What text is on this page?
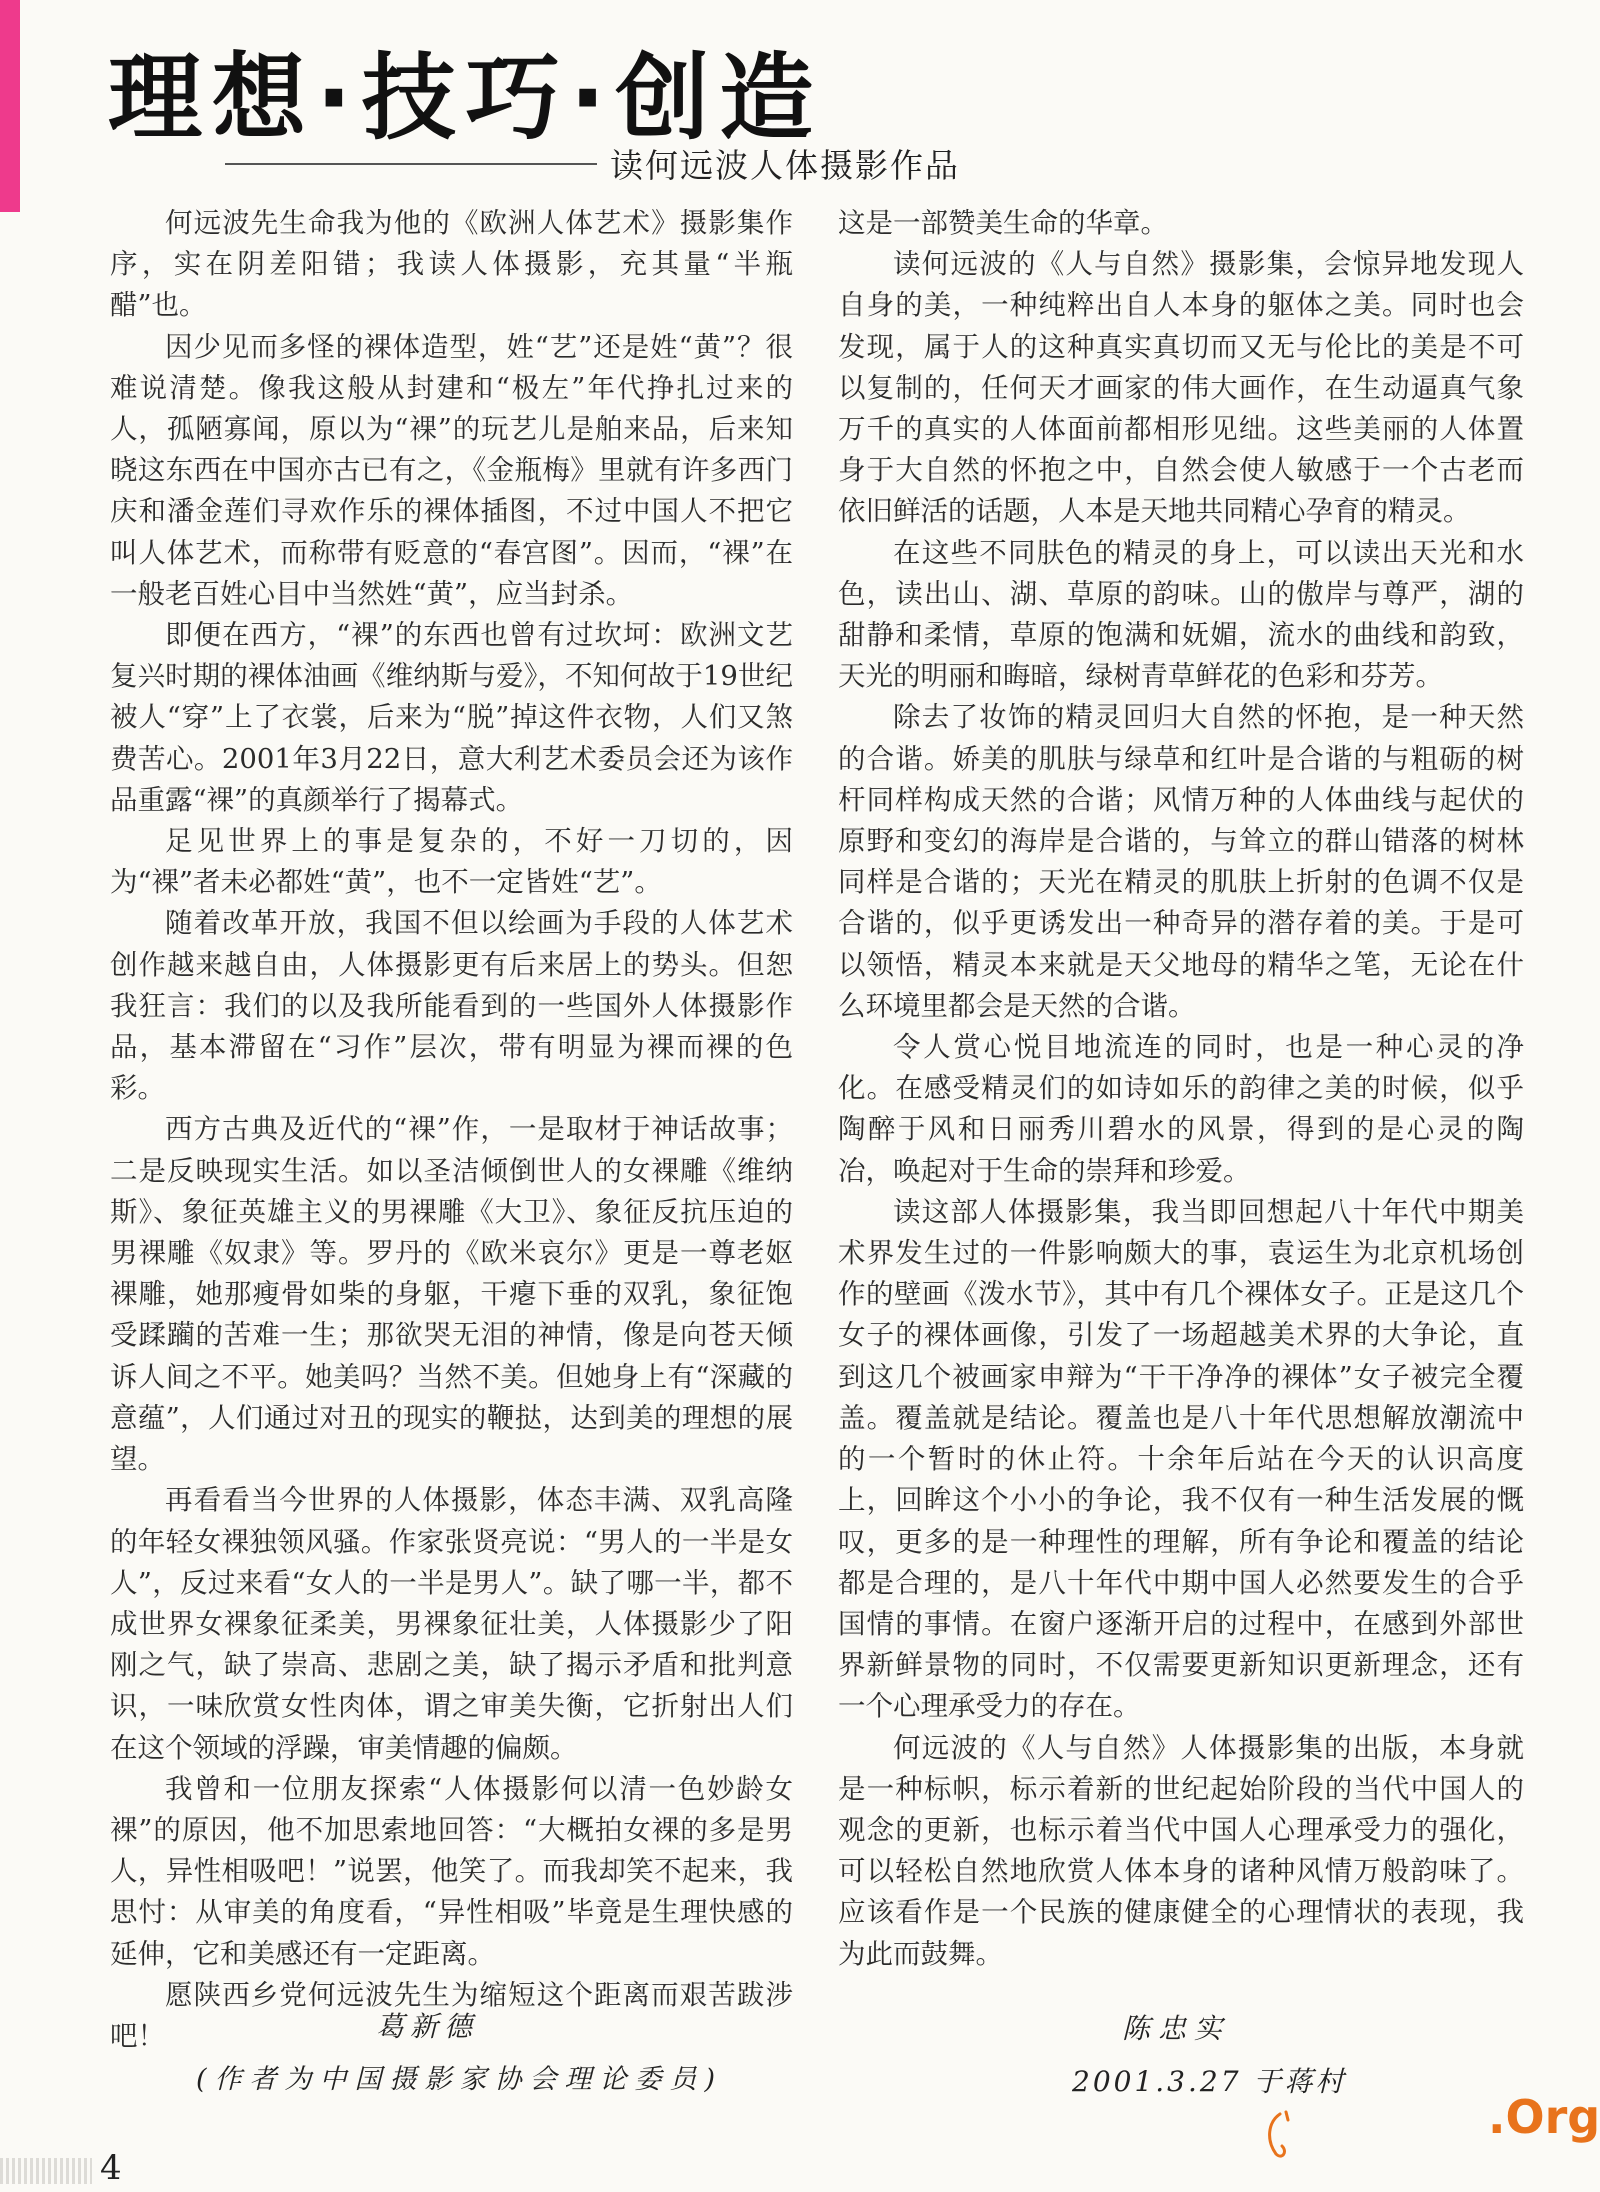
理想·技巧·创造
读何远波人体摄影作品

何远波先生命我为他的《欧洲人体艺术》摄影集作序，实在阴差阳错；我读人体摄影，充其量“半瓶醋”也。

因少见而多怪的裸体造型，姓“艺”还是姓“黄”？很难说清楚。像我这般从封建和“极左”年代挣扎过来的人，孤陋寡闻，原以为“裸”的玩艺儿是舶来品，后来知晓这东西在中国亦古已有之，《金瓶梅》里就有许多西门庆和潘金莲们寻欢作乐的裸体插图，不过中国人不把它叫人体艺术，而称带有贬意的“春宫图”。因而，“裸”在一般老百姓心目中当然姓“黄”，应当封杀。

即便在西方，“裸”的东西也曾有过坎坷：欧洲文艺复兴时期的裸体油画《维纳斯与爱》，不知何故于19世纪被人“穿”上了衣裳，后来为“脱”掉这件衣物，人们又煞费苦心。2001年3月22日，意大利艺术委员会还为该作品重露“裸”的真颜举行了揭幕式。

足见世界上的事是复杂的，不好一刀切的，因为“裸”者未必都姓“黄”，也不一定皆姓“艺”。

随着改革开放，我国不但以绘画为手段的人体艺术创作越来越自由，人体摄影更有后来居上的势头。但恕我狂言：我们的以及我所能看到的一些国外人体摄影作品，基本滞留在“习作”层次，带有明显为裸而裸的色彩。

西方古典及近代的“裸”作，一是取材于神话故事；二是反映现实生活。如以圣洁倾倒世人的女裸雕《维纳斯》、象征英雄主义的男裸雕《大卫》、象征反抗压迫的男裸雕《奴隶》等。罗丹的《欧米哀尔》更是一尊老妪裸雕，她那瘦骨如柴的身躯，干瘪下垂的双乳，象征饱受蹂躏的苦难一生；那欲哭无泪的神情，像是向苍天倾诉人间之不平。她美吗？当然不美。但她身上有“深藏的意蕴”，人们通过对丑的现实的鞭挞，达到美的理想的展望。

再看看当今世界的人体摄影，体态丰满、双乳高隆的年轻女裸独领风骚。作家张贤亮说：“男人的一半是女人”，反过来看“女人的一半是男人”。缺了哪一半，都不成世界女裸象征柔美，男裸象征壮美，人体摄影少了阳刚之气，缺了崇高、悲剧之美，缺了揭示矛盾和批判意识，一味欣赏女性肉体，谓之审美失衡，它折射出人们在这个领域的浮躁，审美情趣的偏颇。

我曾和一位朋友探索“人体摄影何以清一色妙龄女裸”的原因，他不加思索地回答：“大概拍女裸的多是男人，异性相吸吧！”说罢，他笑了。而我却笑不起来，我思忖：从审美的角度看，“异性相吸”毕竟是生理快感的延伸，它和美感还有一定距离。

愿陕西乡党何远波先生为缩短这个距离而艰苦跋涉吧！	葛新德
(作者为中国摄影家协会理论委员)

这是一部赞美生命的华章。

读何远波的《人与自然》摄影集，会惊异地发现人自身的美，一种纯粹出自人本身的躯体之美。同时也会发现，属于人的这种真实真切而又无与伦比的美是不可以复制的，任何天才画家的伟大画作，在生动逼真气象万千的真实的人体面前都相形见绌。这些美丽的人体置身于大自然的怀抱之中，自然会使人敏感于一个古老而依旧鲜活的话题，人本是天地共同精心孕育的精灵。

在这些不同肤色的精灵的身上，可以读出天光和水色，读出山、湖、草原的韵味。山的傲岸与尊严，湖的甜静和柔情，草原的饱满和妩媚，流水的曲线和韵致，天光的明丽和晦暗，绿树青草鲜花的色彩和芬芳。

除去了妆饰的精灵回归大自然的怀抱，是一种天然的合谐。娇美的肌肤与绿草和红叶是合谐的与粗砺的树杆同样构成天然的合谐；风情万种的人体曲线与起伏的原野和变幻的海岸是合谐的，与耸立的群山错落的树林同样是合谐的；天光在精灵的肌肤上折射的色调不仅是合谐的，似乎更诱发出一种奇异的潜存着的美。于是可以领悟，精灵本来就是天父地母的精华之笔，无论在什么环境里都会是天然的合谐。

令人赏心悦目地流连的同时，也是一种心灵的净化。在感受精灵们的如诗如乐的韵律之美的时候，似乎陶醉于风和日丽秀川碧水的风景，得到的是心灵的陶冶，唤起对于生命的崇拜和珍爱。

读这部人体摄影集，我当即回想起八十年代中期美术界发生过的一件影响颇大的事，袁运生为北京机场创作的壁画《泼水节》，其中有几个裸体女子。正是这几个女子的裸体画像，引发了一场超越美术界的大争论，直到这几个被画家申辩为“干干净净的裸体”女子被完全覆盖。覆盖就是结论。覆盖也是八十年代思想解放潮流中的一个暂时的休止符。十余年后站在今天的认识高度上，回眸这个小小的争论，我不仅有一种生活发展的慨叹，更多的是一种理性的理解，所有争论和覆盖的结论都是合理的，是八十年代中期中国人必然要发生的合乎国情的事情。在窗户逐渐开启的过程中，在感到外部世界新鲜景物的同时，不仅需要更新知识更新理念，还有一个心理承受力的存在。

何远波的《人与自然》人体摄影集的出版，本身就是一种标帜，标示着新的世纪起始阶段的当代中国人的观念的更新，也标示着当代中国人心理承受力的强化，可以轻松自然地欣赏人体本身的诸种风情万般韵味了。应该看作是一个民族的健康健全的心理情状的表现，我为此而鼓舞。

陈忠实
2001.3.27 于蒋村
4
.Org
